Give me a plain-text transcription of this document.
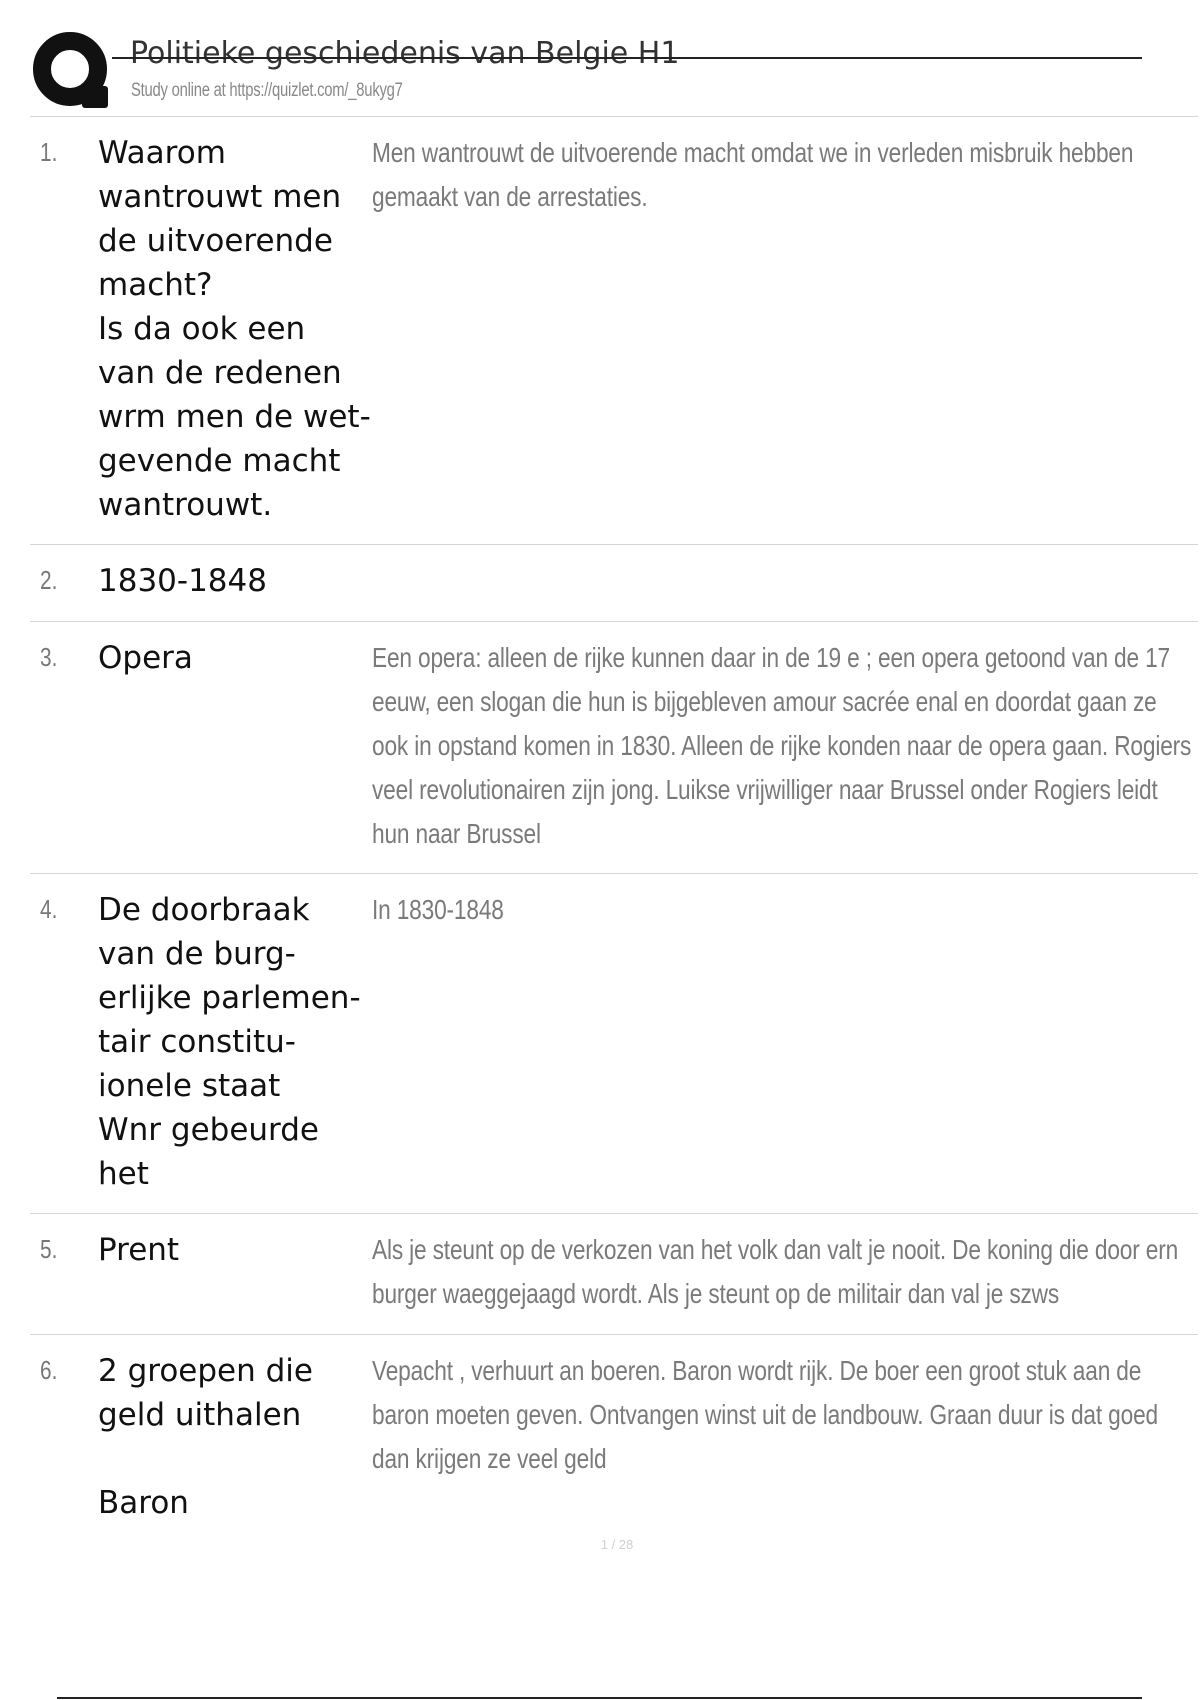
Politieke geschiedenis van Belgie H1
Study online at https://quizlet.com/_8ukyg7
1. Waarom
wantrouwt men
de uitvoerende
macht?
Is da ook een
van de redenen
wrm men de wet-
gevende macht
wantrouwt.
Men wantrouwt de uitvoerende macht omdat we in verleden misbruik hebben
gemaakt van de arrestaties.
2. 1830-1848
3. Opera	Een opera: alleen de rijke kunnen daar in de 19 e ; een opera getoond van de 17
eeuw, een slogan die hun is bijgebleven amour sacrée enal en doordat gaan ze
ook in opstand komen in 1830. Alleen de rijke konden naar de opera gaan. Rogiers
veel revolutionairen zijn jong. Luikse vrijwilliger naar Brussel onder Rogiers leidt
hun naar Brussel
4. De doorbraak
van de burg-
erlijke parlemen-
tair constitu-
ionele staat
Wnr gebeurde
het
In 1830-1848
5. Prent	Als je steunt op de verkozen van het volk dan valt je nooit. De koning die door ern
burger waeggejaagd wordt. Als je steunt op de militair dan val je szws
6. 2 groepen die
geld uithalen

Baron
Vepacht , verhuurt an boeren. Baron wordt rijk. De boer een groot stuk aan de
baron moeten geven. Ontvangen winst uit de landbouw. Graan duur is dat goed
dan krijgen ze veel geld
1 / 28
